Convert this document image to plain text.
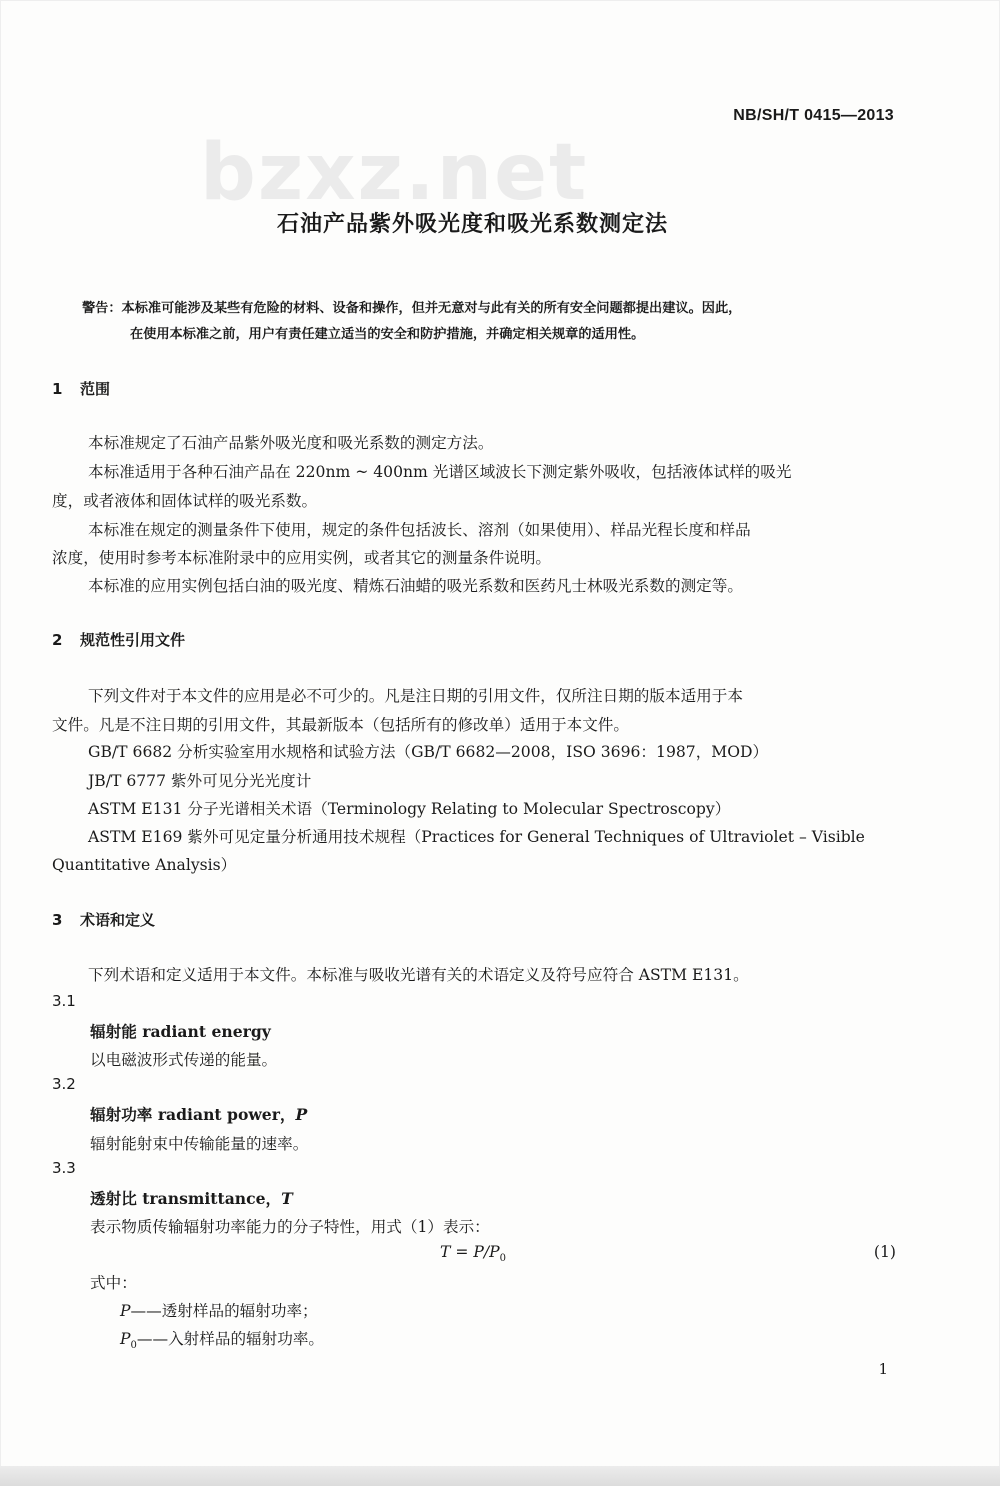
NB/SH/T 0415—2013
bzxz.net
石油产品紫外吸光度和吸光系数测定法
警告：本标准可能涉及某些有危险的材料、设备和操作，但并无意对与此有关的所有安全问题都提出建议。因此，
在使用本标准之前，用户有责任建立适当的安全和防护措施，并确定相关规章的适用性。
1 范围
本标准规定了石油产品紫外吸光度和吸光系数的测定方法。
本标准适用于各种石油产品在 220nm ~ 400nm 光谱区域波长下测定紫外吸收，包括液体试样的吸光
度，或者液体和固体试样的吸光系数。
本标准在规定的测量条件下使用，规定的条件包括波长、溶剂（如果使用）、样品光程长度和样品
浓度，使用时参考本标准附录中的应用实例，或者其它的测量条件说明。
本标准的应用实例包括白油的吸光度、精炼石油蜡的吸光系数和医药凡士林吸光系数的测定等。
2 规范性引用文件
下列文件对于本文件的应用是必不可少的。凡是注日期的引用文件，仅所注日期的版本适用于本
文件。凡是不注日期的引用文件，其最新版本（包括所有的修改单）适用于本文件。
GB/T 6682 分析实验室用水规格和试验方法（GB/T 6682—2008，ISO 3696：1987，MOD）
JB/T 6777 紫外可见分光光度计
ASTM E131 分子光谱相关术语（Terminology Relating to Molecular Spectroscopy）
ASTM E169 紫外可见定量分析通用技术规程（Practices for General Techniques of Ultraviolet – Visible
Quantitative Analysis）
3 术语和定义
下列术语和定义适用于本文件。本标准与吸收光谱有关的术语定义及符号应符合 ASTM E131。
3.1
辐射能 radiant energy
以电磁波形式传递的能量。
3.2
辐射功率 radiant power，P
辐射能射束中传输能量的速率。
3.3
透射比 transmittance，T
表示物质传输辐射功率能力的分子特性，用式（1）表示：
$T = P/P_0$	(1)
式中：
P——透射样品的辐射功率；
$P_0——$入射样品的辐射功率。
1
